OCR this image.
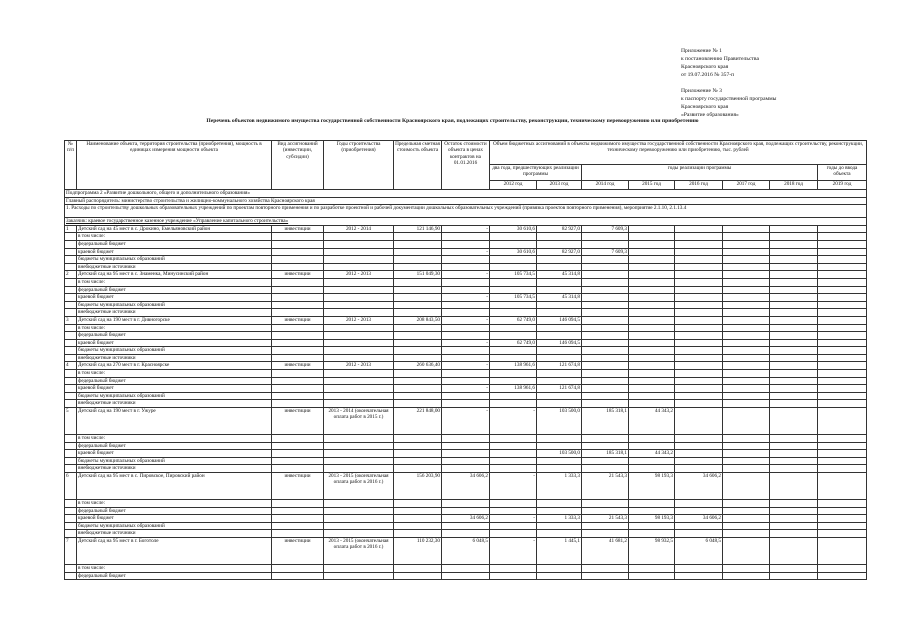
Приложение № 1
к постановлению Правительства
Красноярского края
от 19.07.2016 № 357-п
Приложение № 3
к паспорту государственной программы
Красноярского края
«Развитие образования»
Перечень объектов недвижимого имущества государственной собственности Красноярского края, подлежащих строительству, реконструкции, техническому перевооружению или приобретению
№ п/п	Наименование объекта, территория строительства (приобретения), мощность в единицах измерения мощности объекта	Вид ассигнований (инвестиции, субсидии)	Годы строительства (приобретения)	Предельная сметная стоимость объекта	Остаток стоимости объекта в ценах контрактов на 01.01.2016	Объем бюджетных ассигнований в объекты недвижимого имущества государственной собственности Красноярского края, подлежащих строительству, реконструкции, техническому перевооружению или приобретению, тыс. рублей							
						два года, предшествующих реализации программы		годы реализации программы					годы до ввода объекта
						2012 год	2013 год	2014 год	2015 год	2016 год	2017 год	2018 год	2019 год
Подпрограмма 2 «Развитие дошкольного, общего и дополнительного образования»													
Главный распорядитель: министерство строительства и жилищно-коммунального хозяйства Красноярского края													
1. Расходы по строительству дошкольных образовательных учреждений по проектам повторного применения и по разработке проектной и рабочей документации дошкольных образовательных учреждений (привязка проектов повторного применения), мероприятие 2.1.10, 2.1.13.4													
Заказчик: краевое государственное казенное учреждение «Управление капитального строительства»													
1	Детский сад на 45 мест в с. Дрокино, Емельяновский район	инвестиции	2012 - 2014	121 146,90	-	30 610,6	82 927,0	7 609,3					
	в том числе:												
	федеральный бюджет												
	краевой бюджет				-	30 610,6	82 927,0	7 609,3					
	бюджеты муниципальных образований												
	внебюджетные источники												
2	Детский сад на 95 мест в с. Знаменка, Минусинский район	инвестиции	2012 - 2013	151 049,30	-	105 734,5	45 314,8						
	в том числе:												
	федеральный бюджет												
	краевой бюджет				-	105 734,5	45 314,8						
	бюджеты муниципальных образований												
	внебюджетные источники												
3	Детский сад на 190 мест в г. Дивногорске	инвестиции	2012 - 2013	208 843,50	-	62 749,0	146 094,5						
	в том числе:												
	федеральный бюджет												
	краевой бюджет				-	62 749,0	146 094,5						
	бюджеты муниципальных образований												
	внебюджетные источники												
4	Детский сад на 270 мест в г. Красноярске	инвестиции	2012 - 2013	260 636,40	-	138 961,6	121 674,8						
	в том числе:												
	федеральный бюджет												
	краевой бюджет				-	138 961,6	121 674,8						
	бюджеты муниципальных образований												
	внебюджетные источники												
5	Детский сад на 190 мест в г. Ужуре	инвестиции	2013 - 2014 (окончательная оплата работ в 2015 г.)	221 848,00	-	-	103 500,0	185 318,1	44 343,2				
	в том числе:												
	федеральный бюджет												
	краевой бюджет						103 500,0	185 318,1	44 343,2				
	бюджеты муниципальных образований												
	внебюджетные источники												
6	Детский сад на 95 мест в с. Пировское, Пировский район	инвестиции	2013 - 2015 (окончательная оплата работ в 2016 г.)	156 203,90	34 606,2	-	1 333,3	21 543,3	98 193,3	34 606,2			
	в том числе:												
	федеральный бюджет												
	краевой бюджет				34 606,2	-	1 333,3	21 543,3	98 193,3	34 606,2			
	бюджеты муниципальных образований												
	внебюджетные источники												
7	Детский сад на 95 мест в г. Боготоле	инвестиции	2013 - 2015 (окончательная оплата работ в 2016 г.)	110 232,30	6 048,5	-	1 445,1	41 681,2	98 932,5	6 048,5			
	в том числе:												
	федеральный бюджет												
